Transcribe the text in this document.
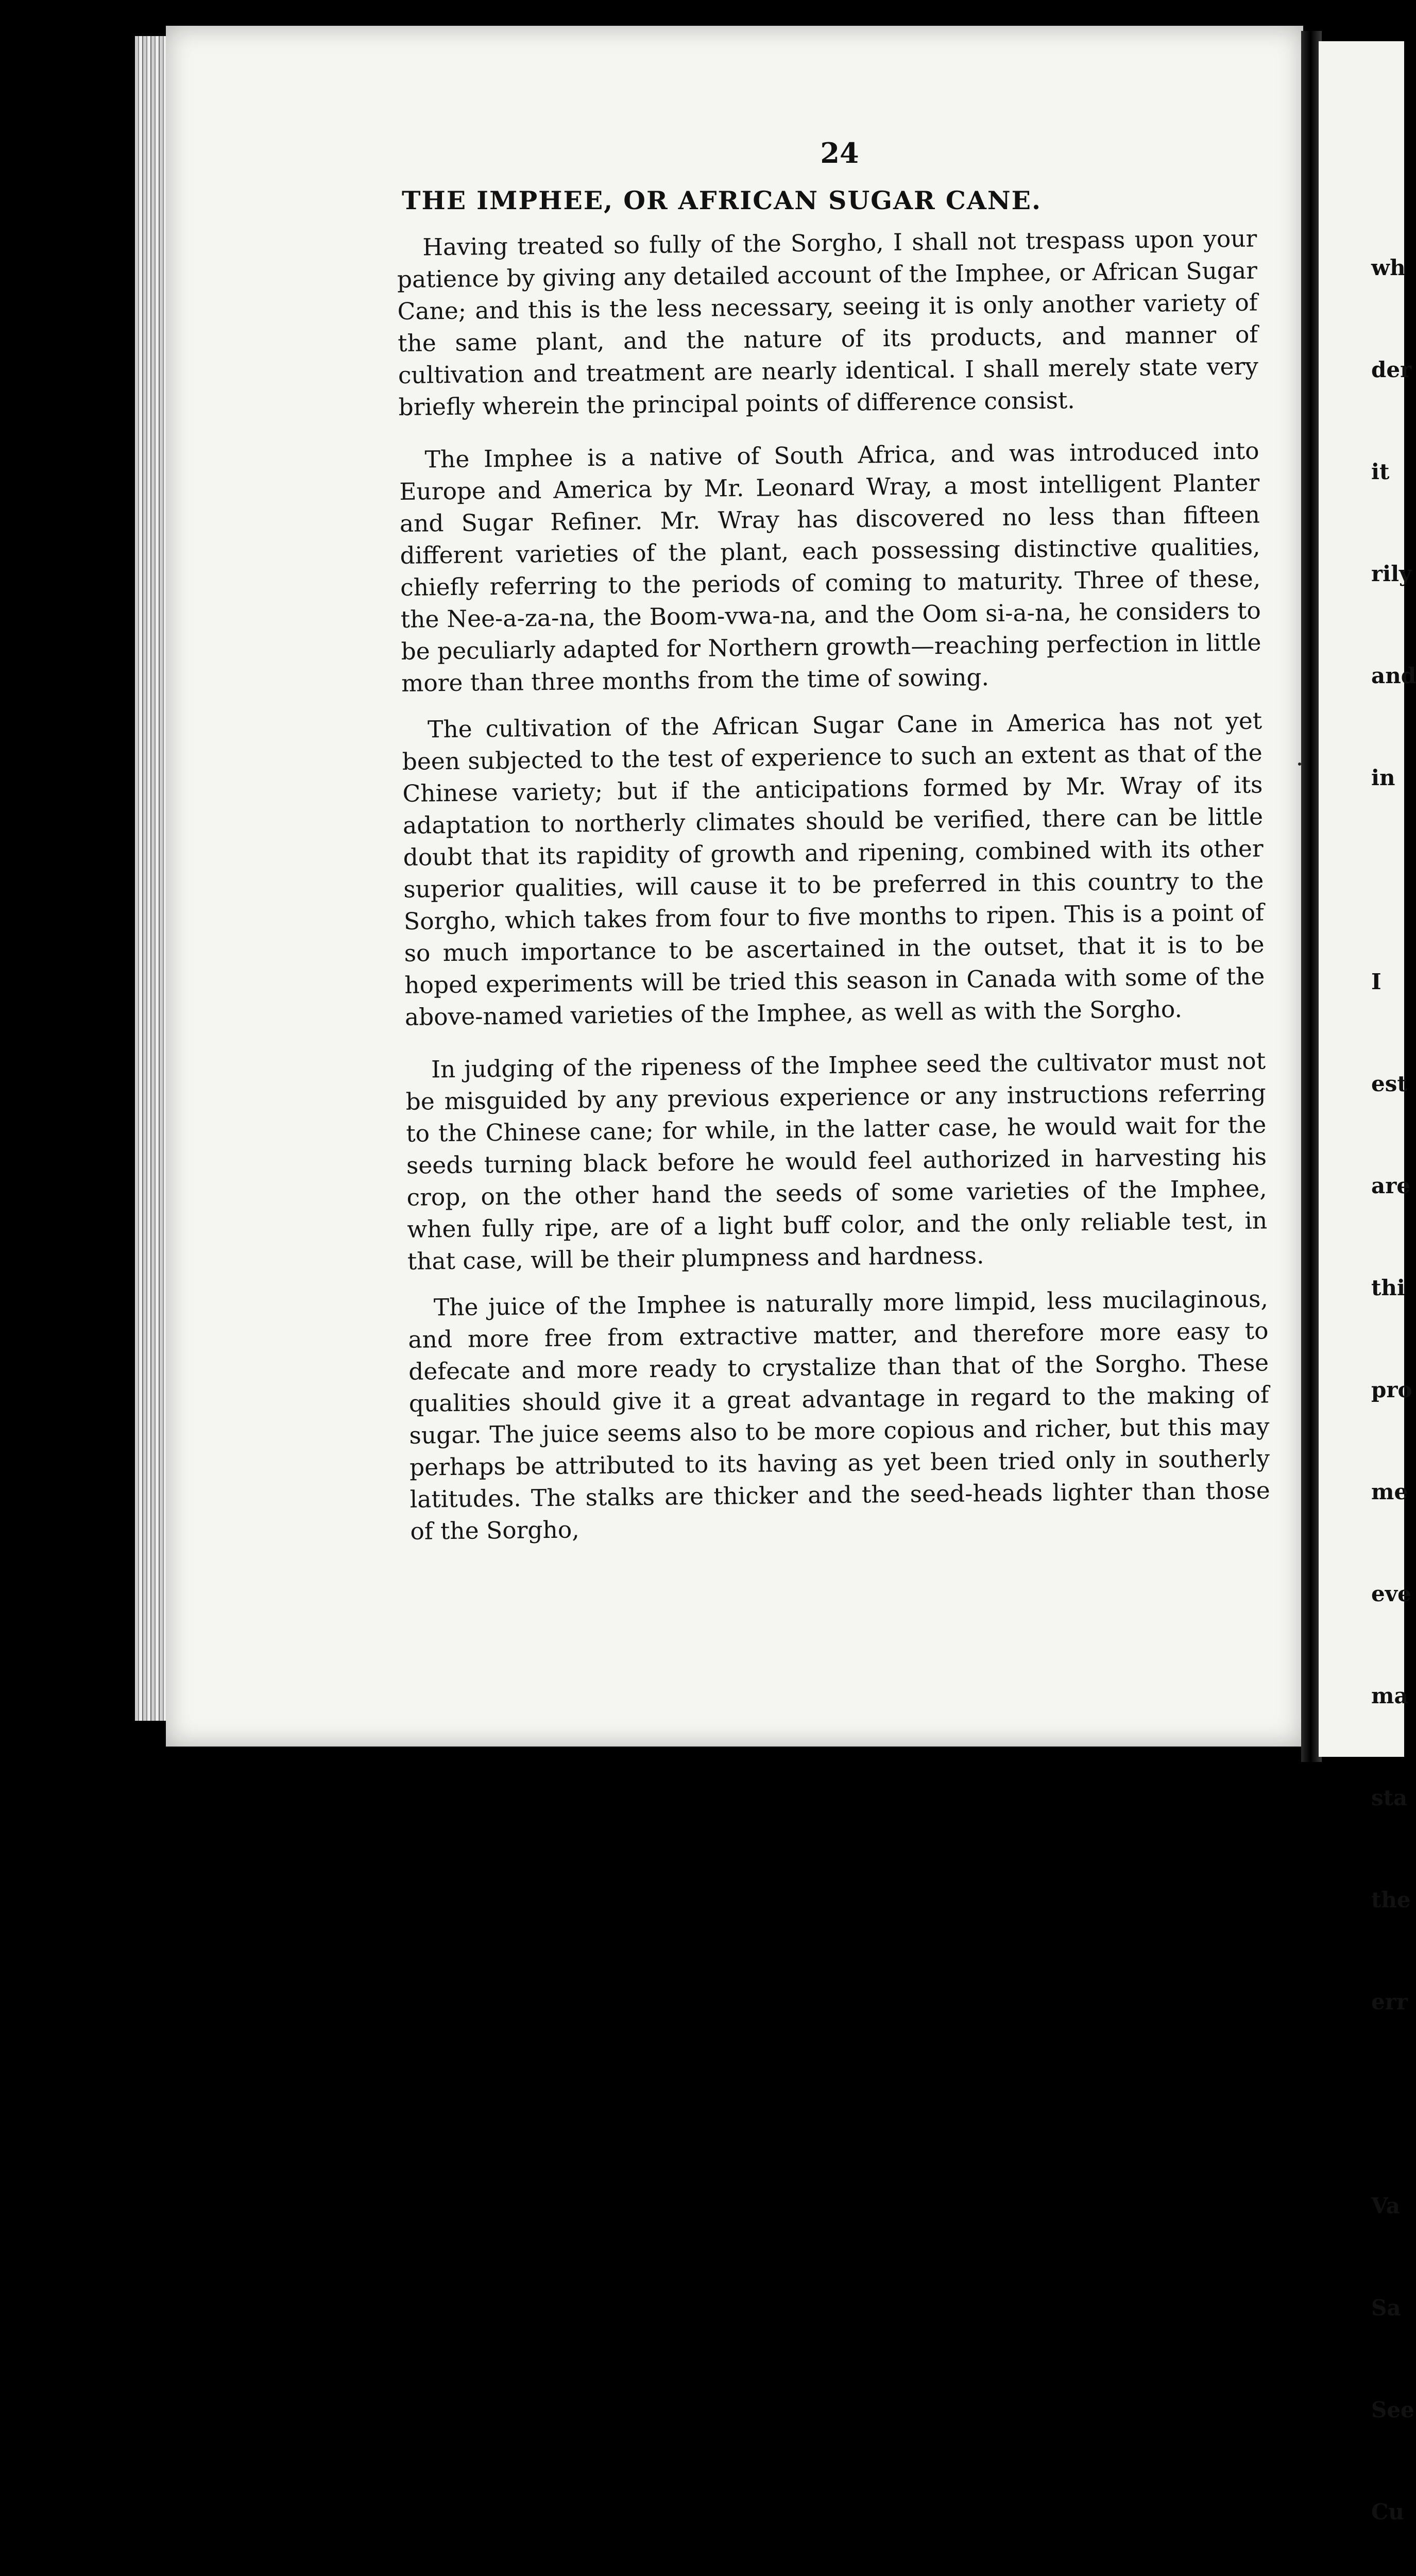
24
THE IMPHEE, OR AFRICAN SUGAR CANE.

Having treated so fully of the Sorgho, I shall not trespass upon your patience by giving any detailed account of the Imphee, or African Sugar Cane; and this is the less necessary, seeing it is only another variety of the same plant, and the nature of its products, and manner of cultivation and treatment are nearly identical. I shall merely state very briefly wherein the principal points of difference consist.

The Imphee is a native of South Africa, and was introduced into Europe and America by Mr. Leonard Wray, a most intelligent Planter and Sugar Refiner. Mr. Wray has discovered no less than fifteen different varieties of the plant, each possessing distinctive qualities, chiefly referring to the periods of coming to maturity. Three of these, the Nee-a-za-na, the Boom-vwa-na, and the Oom si-a-na, he considers to be peculiarly adapted for Northern growth—reaching perfection in little more than three months from the time of sowing.

The cultivation of the African Sugar Cane in America has not yet been subjected to the test of experience to such an extent as that of the Chinese variety; but if the anticipations formed by Mr. Wray of its adaptation to northerly climates should be verified, there can be little doubt that its rapidity of growth and ripening, combined with its other superior qualities, will cause it to be preferred in this country to the Sorgho, which takes from four to five months to ripen. This is a point of so much importance to be ascertained in the outset, that it is to be hoped experiments will be tried this season in Canada with some of the above-named varieties of the Imphee, as well as with the Sorgho.

In judging of the ripeness of the Imphee seed the cultivator must not be misguided by any previous experience or any instructions referring to the Chinese cane; for while, in the latter case, he would wait for the seeds turning black before he would feel authorized in harvesting his crop, on the other hand the seeds of some varieties of the Imphee, when fully ripe, are of a light buff color, and the only reliable test, in that case, will be their plumpness and hardness.

The juice of the Imphee is naturally more limpid, less mucilaginous, and more free from extractive matter, and therefore more easy to defecate and more ready to crystalize than that of the Sorgho. These qualities should give it a great advantage in regard to the making of sugar. The juice seems also to be more copious and richer, but this may perhaps be attributed to its having as yet been tried only in southerly latitudes. The stalks are thicker and the seed-heads lighter than those of the Sorgho,

wh

der

it

rily

and

in

I

est

are

thi

pro

me

eve

ma

sta

the

err

Va

Sa

See

Cu
